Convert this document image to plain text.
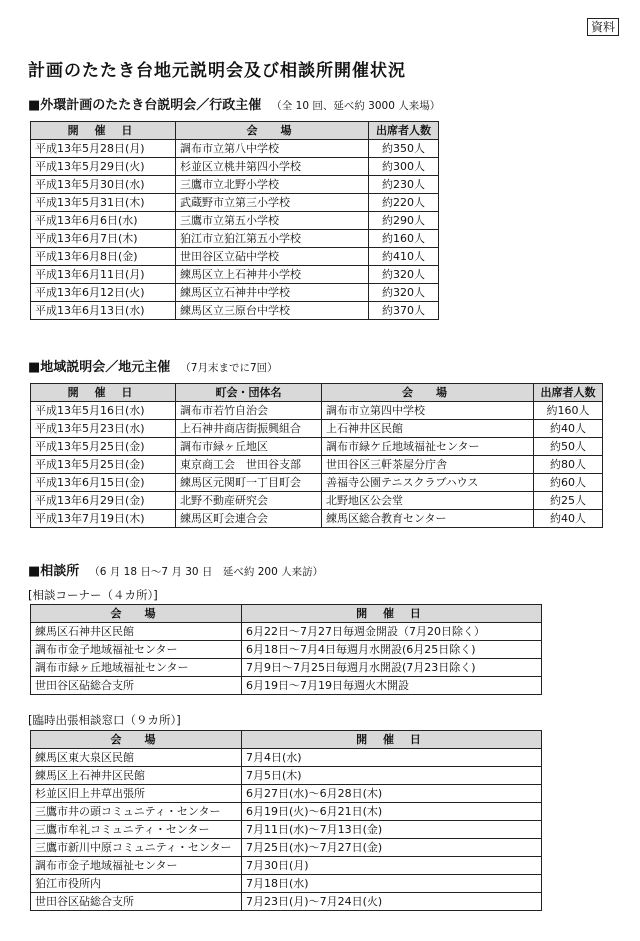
資料
計画のたたき台地元説明会及び相談所開催状況
■外環計画のたたき台説明会／行政主催 （全 10 回、延べ約 3000 人来場）
開 催 日	会　場	出席者人数
平成13年5月28日(月)	調布市立第八中学校	約350人
平成13年5月29日(火)	杉並区立桃井第四小学校	約300人
平成13年5月30日(水)	三鷹市立北野小学校	約230人
平成13年5月31日(木)	武蔵野市立第三小学校	約220人
平成13年6月6日(水)	三鷹市立第五小学校	約290人
平成13年6月7日(木)	狛江市立狛江第五小学校	約160人
平成13年6月8日(金)	世田谷区立砧中学校	約410人
平成13年6月11日(月)	練馬区立上石神井小学校	約320人
平成13年6月12日(火)	練馬区立石神井中学校	約320人
平成13年6月13日(水)	練馬区立三原台中学校	約370人
■地域説明会／地元主催 （7月末までに7回）
開 催 日	町会・団体名	会　場	出席者人数
平成13年5月16日(水)	調布市若竹自治会	調布市立第四中学校	約160人
平成13年5月23日(水)	上石神井商店街振興組合	上石神井区民館	約40人
平成13年5月25日(金)	調布市緑ヶ丘地区	調布市緑ケ丘地域福祉センター	約50人
平成13年5月25日(金)	東京商工会　世田谷支部	世田谷区三軒茶屋分庁舎	約80人
平成13年6月15日(金)	練馬区元関町一丁目町会	善福寺公園テニスクラブハウス	約60人
平成13年6月29日(金)	北野不動産研究会	北野地区公会堂	約25人
平成13年7月19日(木)	練馬区町会連合会	練馬区総合教育センター	約40人
■相談所 （6 月 18 日～7 月 30 日　延べ約 200 人来訪）
[相談コーナー（４カ所）]
会　場	開 催 日
練馬区石神井区民館	6月22日～7月27日毎週金開設（7月20日除く）
調布市金子地域福祉センター	6月18日～7月4日毎週月水開設(6月25日除く)
調布市緑ヶ丘地域福祉センター	7月9日～7月25日毎週月水開設(7月23日除く)
世田谷区砧総合支所	6月19日～7月19日毎週火木開設
[臨時出張相談窓口（９カ所）]
会　場	開 催 日
練馬区東大泉区民館	7月4日(水)
練馬区上石神井区民館	7月5日(木)
杉並区旧上井草出張所	6月27日(水)～6月28日(木)
三鷹市井の頭コミュニティ・センター	6月19日(火)～6月21日(木)
三鷹市牟礼コミュニティ・センター	7月11日(水)～7月13日(金)
三鷹市新川中原コミュニティ・センター	7月25日(水)～7月27日(金)
調布市金子地域福祉センター	7月30日(月)
狛江市役所内	7月18日(水)
世田谷区砧総合支所	7月23日(月)～7月24日(火)
